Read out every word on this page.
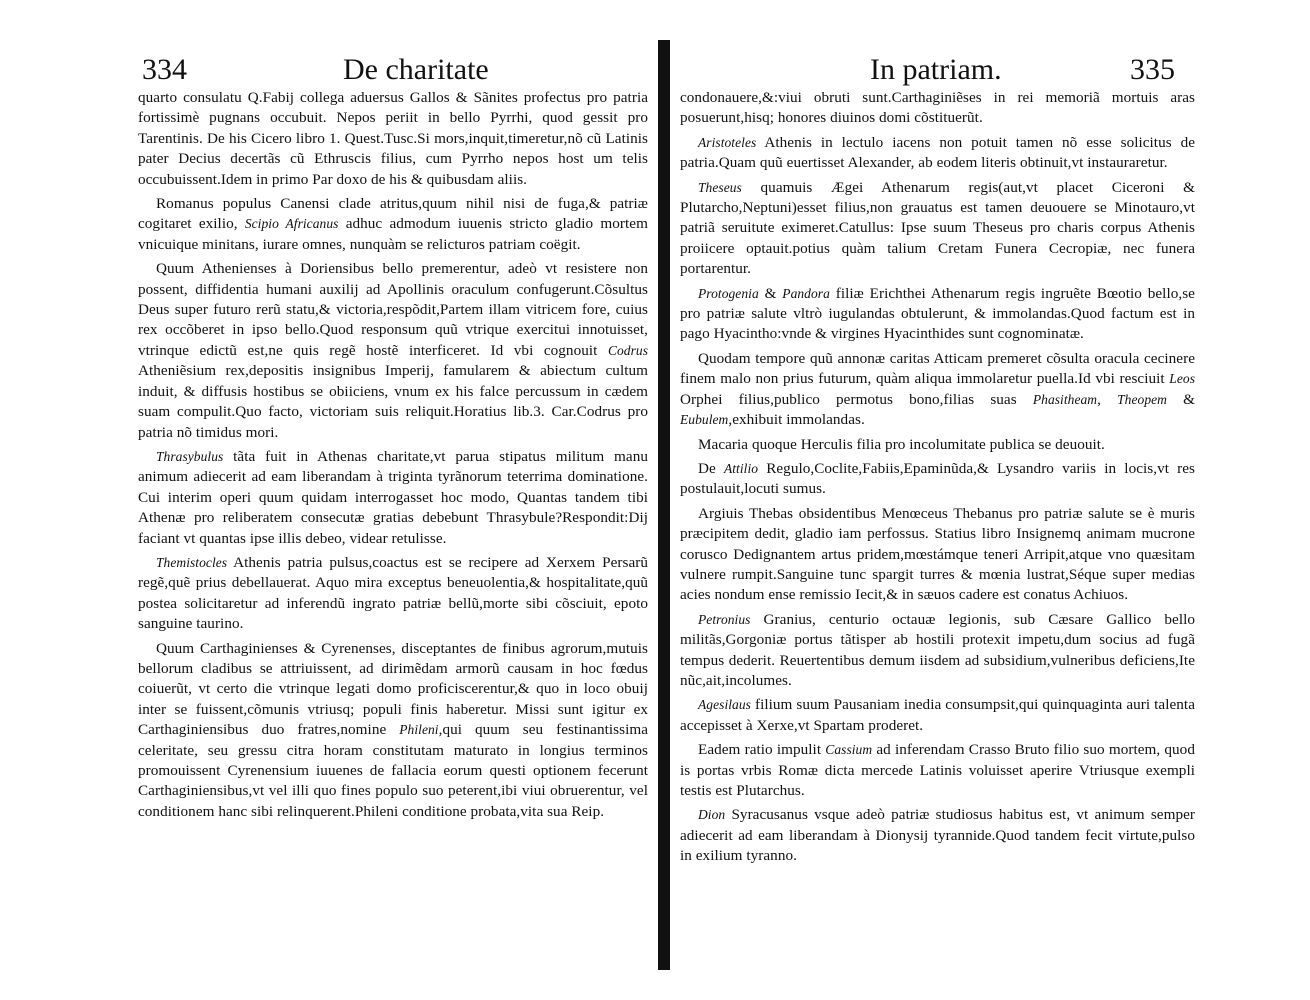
334	De charitate

quarto consulatu Q.Fabij collega aduersus Gallos & Sãnites profectus pro patria fortissimè pugnans occubuit. Nepos periit in bello Pyrrhi, quod gessit pro Tarentinis. De his Cicero libro 1. Quest.Tusc.Si mors,inquit,timeretur,nõ cũ Latinis pater Decius decertãs cũ Ethruscis filius, cum Pyrrho nepos host um telis occubuissent.Idem in primo Par doxo de his & quibusdam aliis.

Romanus populus Canensi clade atritus,quum nihil nisi de fuga,& patriæ cogitaret exilio, Scipio Africanus adhuc admodum iuuenis stricto gladio mortem vnicuique minitans, iurare omnes, nunquàm se relicturos patriam coëgit.

Quum Athenienses à Doriensibus bello premerentur, adeò vt resistere non possent, diffidentia humani auxilij ad Apollinis oraculum confugerunt.Cõsultus Deus super futuro rerũ statu,& victoria,respõdit,Partem illam vitricem fore, cuius rex occõberet in ipso bello.Quod responsum quũ vtrique exercitui innotuisset, vtrinque edictũ est,ne quis regẽ hostẽ interficeret. Id vbi cognouit Codrus Atheniẽsium rex,depositis insignibus Imperij, famularem & abiectum cultum induit, & diffusis hostibus se obiiciens, vnum ex his falce percussum in cædem suam compulit.Quo facto, victoriam suis reliquit.Horatius lib.3. Car.Codrus pro patria nõ timidus mori.

Thrasybulus tãta fuit in Athenas charitate,vt parua stipatus militum manu animum adiecerit ad eam liberandam à triginta tyrãnorum teterrima dominatione. Cui interim operi quum quidam interrogasset hoc modo, Quantas tandem tibi Athenæ pro reliberatem consecutæ gratias debebunt Thrasybule?Respondit:Dij faciant vt quantas ipse illis debeo, videar retulisse.

Themistocles Athenis patria pulsus,coactus est se recipere ad Xerxem Persarũ regẽ,quẽ prius debellauerat. Aquo mira exceptus beneuolentia,& hospitalitate,quũ postea solicitaretur ad inferendũ ingrato patriæ bellũ,morte sibi cõsciuit, epoto sanguine taurino.

Quum Carthaginienses & Cyrenenses, disceptantes de finibus agrorum,mutuis bellorum cladibus se attriuissent, ad dirimẽdam armorũ causam in hoc fœdus coiuerũt, vt certo die vtrinque legati domo proficiscerentur,& quo in loco obuij inter se fuissent,cõmunis vtriusq; populi finis haberetur. Missi sunt igitur ex Carthaginiensibus duo fratres,nomine Phileni,qui quum seu festinantissima celeritate, seu gressu citra horam constitutam maturato in longius terminos promouissent Cyrenensium iuuenes de fallacia eorum questi optionem fecerunt Carthaginiensibus,vt vel illi quo fines populo suo peterent,ibi viui obruerentur, vel conditionem hanc sibi relinquerent.Phileni conditione probata,vita sua Reip.

In patriam.	335

condonauere,&:viui obruti sunt.Carthaginiẽses in rei memoriã mortuis aras posuerunt,hisq; honores diuinos domi cõstituerũt.

Aristoteles Athenis in lectulo iacens non potuit tamen nõ esse solicitus de patria.Quam quũ euertisset Alexander, ab eodem literis obtinuit,vt instauraretur.

Theseus quamuis Ægei Athenarum regis(aut,vt placet Ciceroni & Plutarcho,Neptuni)esset filius,non grauatus est tamen deuouere se Minotauro,vt patriã seruitute eximeret.Catullus: Ipse suum Theseus pro charis corpus Athenis proiicere optauit.potius quàm talium Cretam Funera Cecropiæ, nec funera portarentur.

Protogenia & Pandora filiæ Erichthei Athenarum regis ingruẽte Bœotio bello,se pro patriæ salute vltrò iugulandas obtulerunt, & immolandas.Quod factum est in pago Hyacintho:vnde & virgines Hyacinthides sunt cognominatæ.

Quodam tempore quũ annonæ caritas Atticam premeret cõsulta oracula cecinere finem malo non prius futurum, quàm aliqua immolaretur puella.Id vbi resciuit Leos Orphei filius,publico permotus bono,filias suas Phasitheam, Theopem & Eubulem,exhibuit immolandas.

Macaria quoque Herculis filia pro incolumitate publica se deuouit.

De Attilio Regulo,Coclite,Fabiis,Epaminũda,& Lysandro variis in locis,vt res postulauit,locuti sumus.

Argiuis Thebas obsidentibus Menœceus Thebanus pro patriæ salute se è muris præcipitem dedit, gladio iam perfossus. Statius libro Insignemq animam mucrone corusco Dedignantem artus pridem,mœstámque teneri Arripit,atque vno quæsitam vulnere rumpit.Sanguine tunc spargit turres & mœnia lustrat,Séque super medias acies nondum ense remissio Iecit,& in sæuos cadere est conatus Achiuos.

Petronius Granius, centurio octauæ legionis, sub Cæsare Gallico bello militãs,Gorgoniæ portus tãtisper ab hostili protexit impetu,dum socius ad fugã tempus dederit. Reuertentibus demum iisdem ad subsidium,vulneribus deficiens,Ite nũc,ait,incolumes.

Agesilaus filium suum Pausaniam inedia consumpsit,qui quinquaginta auri talenta accepisset à Xerxe,vt Spartam proderet.

Eadem ratio impulit Cassium ad inferendam Crasso Bruto filio suo mortem, quod is portas vrbis Romæ dicta mercede Latinis voluisset aperire Vtriusque exempli testis est Plutarchus.

Dion Syracusanus vsque adeò patriæ studiosus habitus est, vt animum semper adiecerit ad eam liberandam à Dionysij tyrannide.Quod tandem fecit virtute,pulso in exilium tyranno.
